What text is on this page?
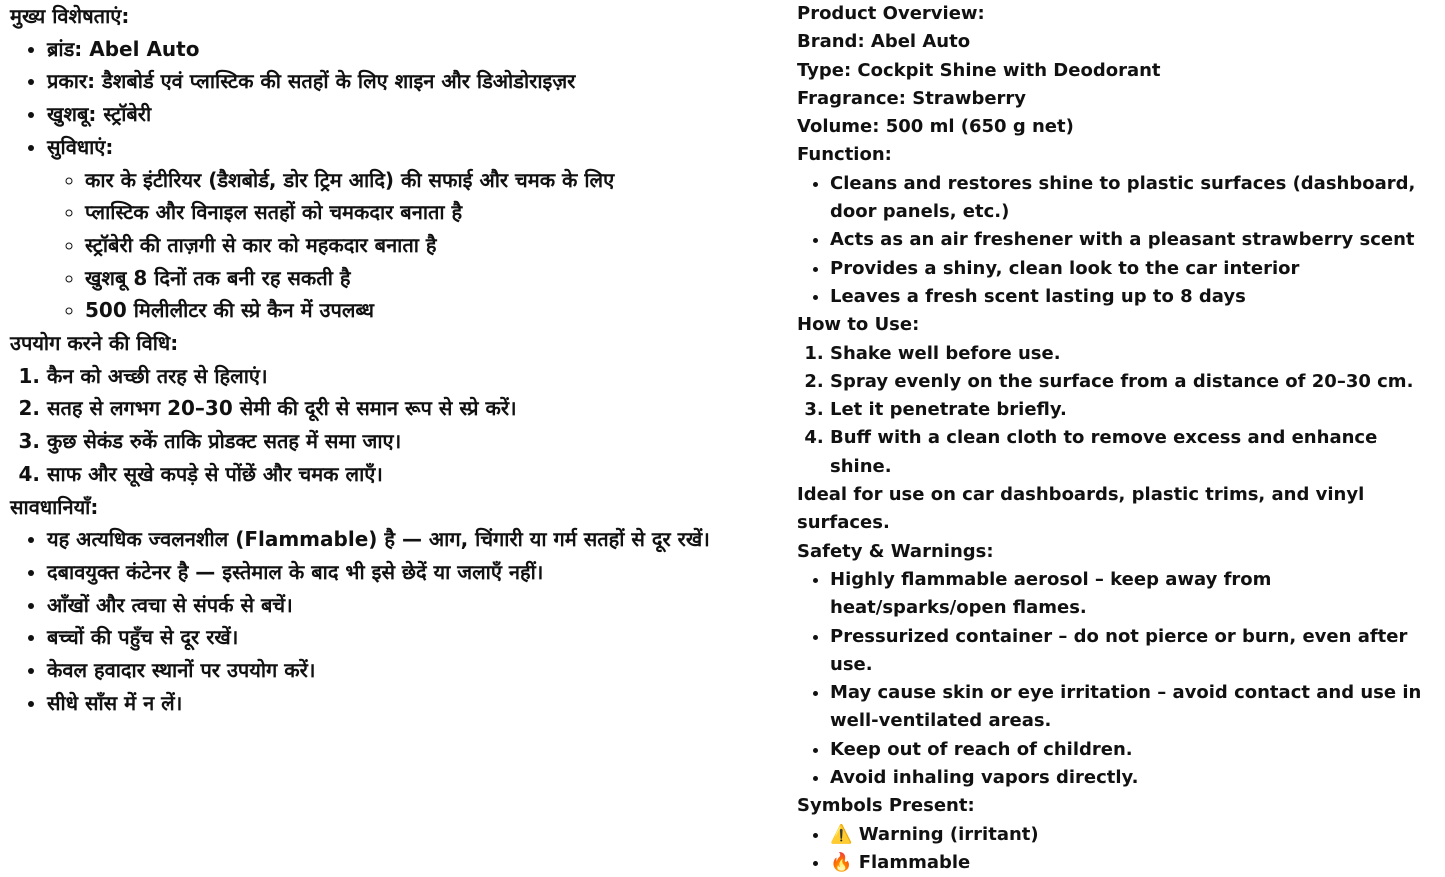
मुख्य विशेषताएं:

• ब्रांड: Abel Auto
• प्रकार: डैशबोर्ड एवं प्लास्टिक की सतहों के लिए शाइन और डिओडोराइज़र
• खुशबू: स्ट्रॉबेरी
• सुविधाएं:
◦ कार के इंटीरियर (डैशबोर्ड, डोर ट्रिम आदि) की सफाई और चमक के लिए
◦ प्लास्टिक और विनाइल सतहों को चमकदार बनाता है
◦ स्ट्रॉबेरी की ताज़गी से कार को महकदार बनाता है
◦ खुशबू 8 दिनों तक बनी रह सकती है
◦ 500 मिलीलीटर की स्प्रे कैन में उपलब्ध

उपयोग करने की विधि:

1. कैन को अच्छी तरह से हिलाएं।
2. सतह से लगभग 20–30 सेमी की दूरी से समान रूप से स्प्रे करें।
3. कुछ सेकंड रुकें ताकि प्रोडक्ट सतह में समा जाए।
4. साफ और सूखे कपड़े से पोंछें और चमक लाएँ।

सावधानियाँ:

• यह अत्यधिक ज्वलनशील (Flammable) है — आग, चिंगारी या गर्म सतहों से दूर रखें।
• दबावयुक्त कंटेनर है — इस्तेमाल के बाद भी इसे छेदें या जलाएँ नहीं।
• आँखों और त्वचा से संपर्क से बचें।
• बच्चों की पहुँच से दूर रखें।
• केवल हवादार स्थानों पर उपयोग करें।
• सीधे साँस में न लें।

Product Overview:

Brand: Abel Auto

Type: Cockpit Shine with Deodorant

Fragrance: Strawberry

Volume: 500 ml (650 g net)

Function:

• Cleans and restores shine to plastic surfaces (dashboard, door panels, etc.)
• Acts as an air freshener with a pleasant strawberry scent
• Provides a shiny, clean look to the car interior
• Leaves a fresh scent lasting up to 8 days

How to Use:

1. Shake well before use.
2. Spray evenly on the surface from a distance of 20–30 cm.
3. Let it penetrate briefly.
4. Buff with a clean cloth to remove excess and enhance shine.

Ideal for use on car dashboards, plastic trims, and vinyl surfaces.

Safety & Warnings:

• Highly flammable aerosol – keep away from heat/sparks/open flames.
• Pressurized container – do not pierce or burn, even after use.
• May cause skin or eye irritation – avoid contact and use in well-ventilated areas.
• Keep out of reach of children.
• Avoid inhaling vapors directly.

Symbols Present:

• ⚠️ Warning (irritant)
• 🔥 Flammable
